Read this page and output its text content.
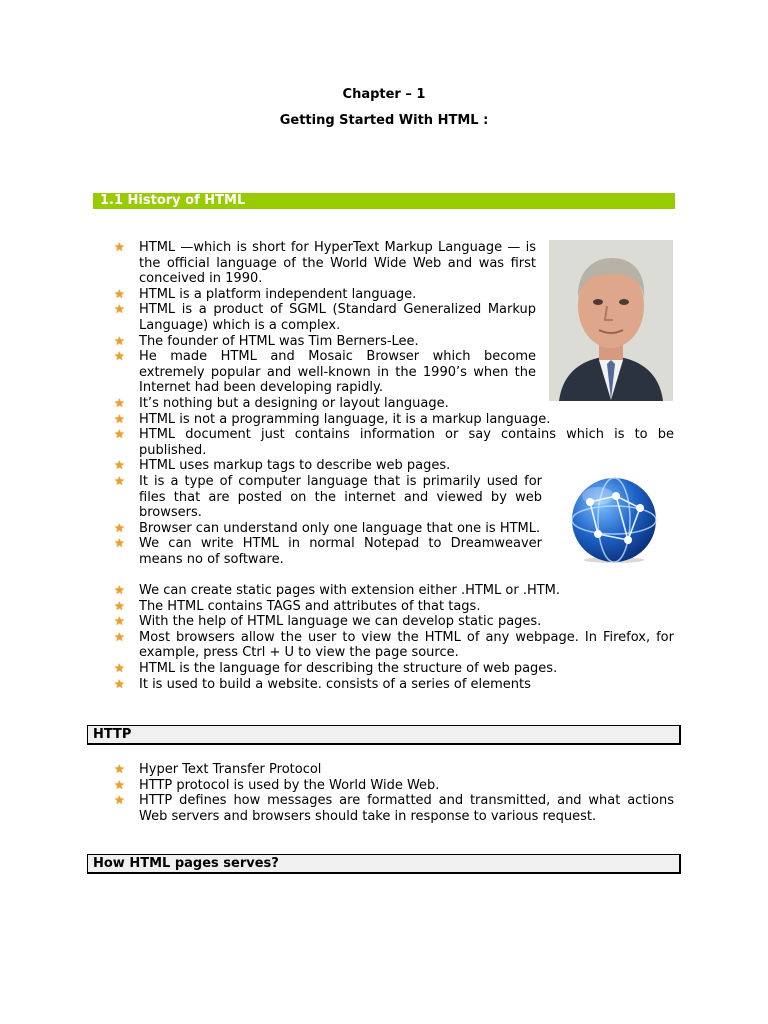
Chapter – 1
Getting Started With HTML :
1.1 History of HTML
★ HTML —which is short for HyperText Markup Language — is the official language of the World Wide Web and was first conceived in 1990.
★ HTML is a platform independent language.
★ HTML is a product of SGML (Standard Generalized Markup Language) which is a complex.
★ The founder of HTML was Tim Berners-Lee.
★ He made HTML and Mosaic Browser which become extremely popular and well-known in the 1990’s when the Internet had been developing rapidly.
★ It’s nothing but a designing or layout language.
★ HTML is not a programming language, it is a markup language.
★ HTML document just contains information or say contains which is to be published.
★ HTML uses markup tags to describe web pages.
★ It is a type of computer language that is primarily used for files that are posted on the internet and viewed by web browsers.
★ Browser can understand only one language that one is HTML.
★ We can write HTML in normal Notepad to Dreamweaver means no of software.
★ We can create static pages with extension either .HTML or .HTM.
★ The HTML contains TAGS and attributes of that tags.
★ With the help of HTML language we can develop static pages.
★ Most browsers allow the user to view the HTML of any webpage. In Firefox, for example, press Ctrl + U to view the page source.
★ HTML is the language for describing the structure of web pages.
★ It is used to build a website. consists of a series of elements
HTTP
★ Hyper Text Transfer Protocol
★ HTTP protocol is used by the World Wide Web.
★ HTTP defines how messages are formatted and transmitted, and what actions Web servers and browsers should take in response to various request.
How HTML pages serves?
